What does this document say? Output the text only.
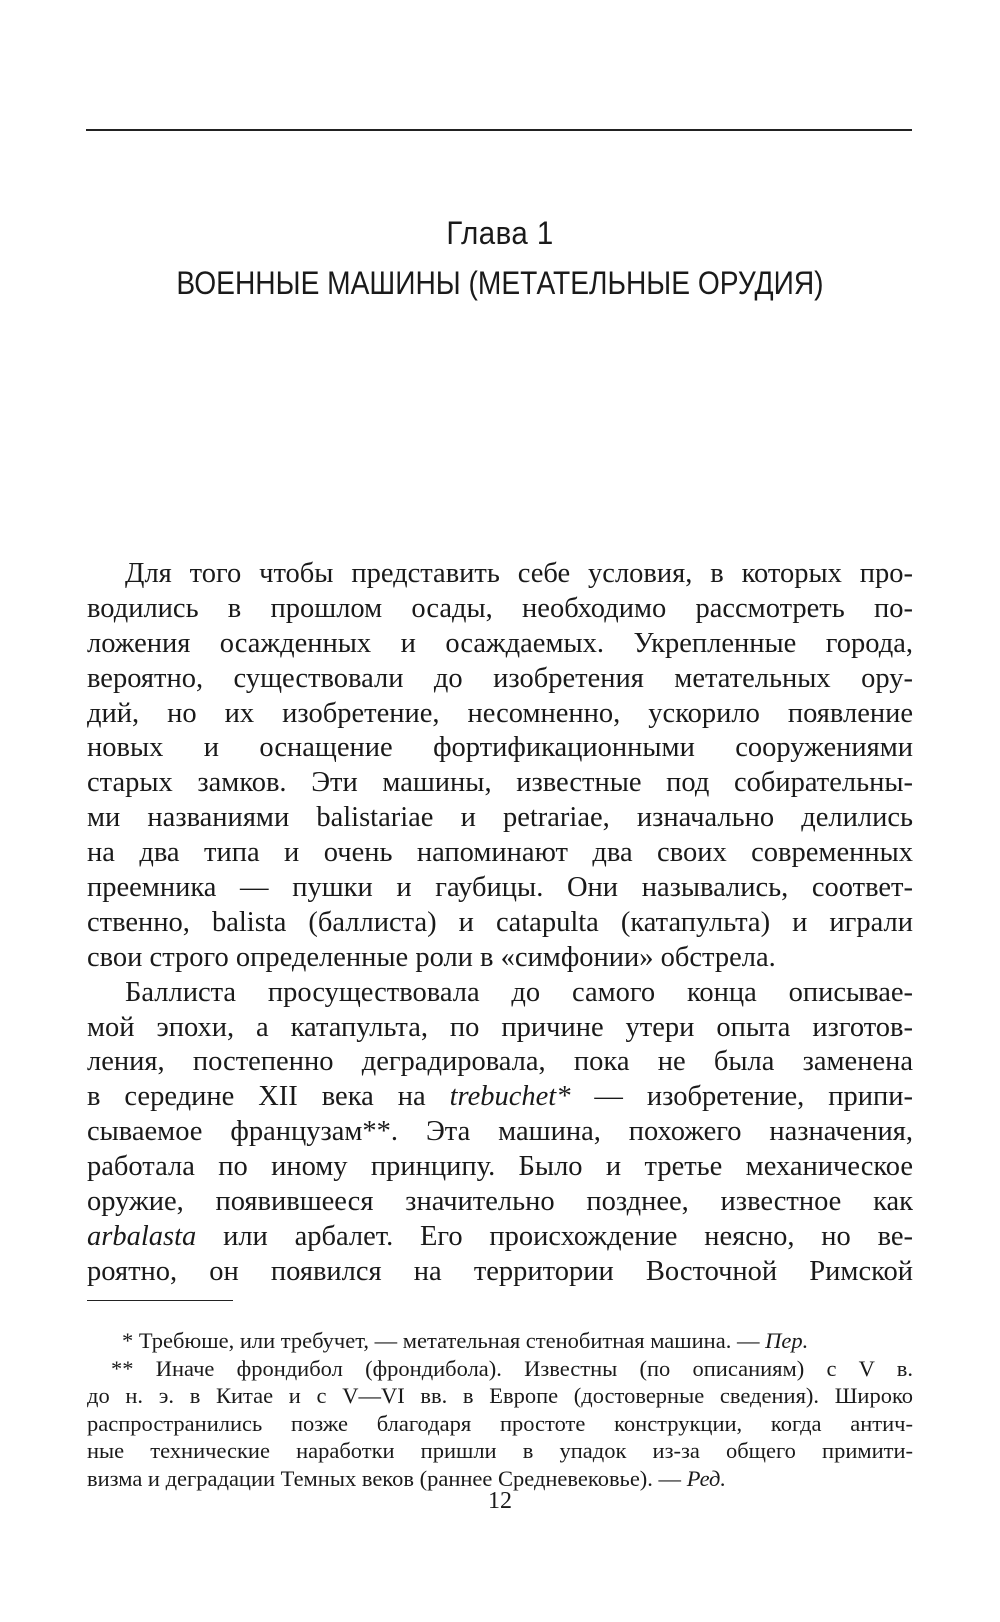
Глава 1
ВОЕННЫЕ МАШИНЫ (МЕТАТЕЛЬНЫЕ ОРУДИЯ)
Для того чтобы представить себе условия, в которых про-
водились в прошлом осады, необходимо рассмотреть по-
ложения осажденных и осаждаемых. Укрепленные города,
вероятно, существовали до изобретения метательных ору-
дий, но их изобретение, несомненно, ускорило появление
новых и оснащение фортификационными сооружениями
старых замков. Эти машины, известные под собирательны-
ми названиями balistariae и petrariae, изначально делились
на два типа и очень напоминают два своих современных
преемника — пушки и гаубицы. Они назывались, соответ-
ственно, balista (баллиста) и catapulta (катапульта) и играли
свои строго определенные роли в «симфонии» обстрела.
Баллиста просуществовала до самого конца описывае-
мой эпохи, а катапульта, по причине утери опыта изготов-
ления, постепенно деградировала, пока не была заменена
в середине XII века на trebuchet* — изобретение, припи-
сываемое французам**. Эта машина, похожего назначения,
работала по иному принципу. Было и третье механическое
оружие, появившееся значительно позднее, известное как
arbalasta или арбалет. Его происхождение неясно, но ве-
роятно, он появился на территории Восточной Римской
* Требюше, или требучет, — метательная стенобитная машина. — Пер.
** Иначе фрондибол (фрондибола). Известны (по описаниям) с V в.
до н. э. в Китае и с V—VI вв. в Европе (достоверные сведения). Широко
распространились позже благодаря простоте конструкции, когда антич-
ные технические наработки пришли в упадок из-за общего примити-
визма и деградации Темных веков (раннее Средневековье). — Ред.
12
